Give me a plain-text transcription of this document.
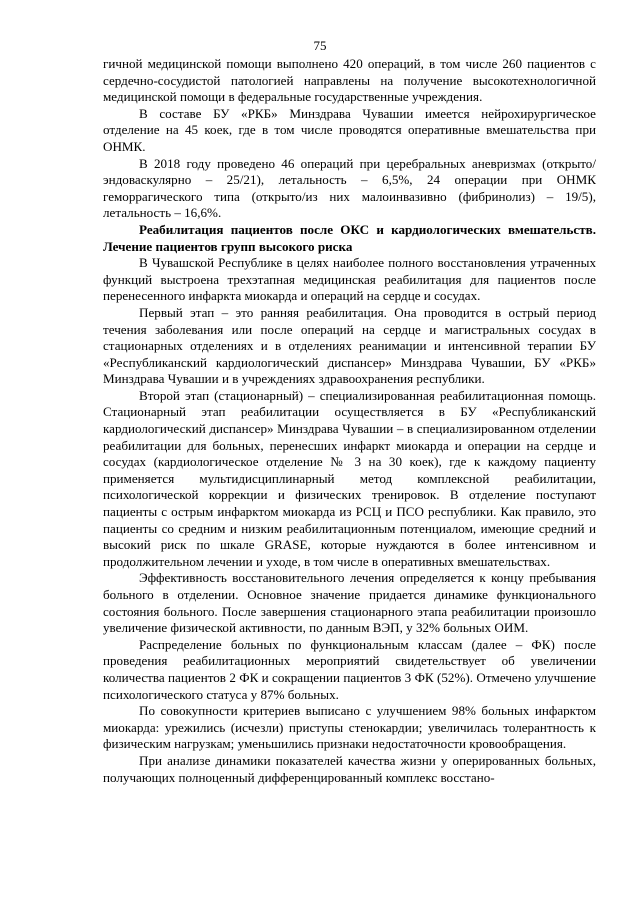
75

гичной медицинской помощи выполнено 420 операций, в том числе 260 пациентов с сердечно-сосудистой патологией направлены на получение высокотехнологичной медицинской помощи в федеральные государственные учреждения.

В составе БУ «РКБ» Минздрава Чувашии имеется нейрохирургическое отделение на 45 коек, где в том числе проводятся оперативные вмешательства при ОНМК.

В 2018 году проведено 46 операций при церебральных аневризмах (открыто/эндоваскулярно – 25/21), летальность – 6,5%, 24 операции при ОНМК геморрагического типа (открыто/из них малоинвазивно (фибринолиз) – 19/5), летальность – 16,6%.

Реабилитация пациентов после ОКС и кардиологических вмешательств. Лечение пациентов групп высокого риска

В Чувашской Республике в целях наиболее полного восстановления утраченных функций выстроена трехэтапная медицинская реабилитация для пациентов после перенесенного инфаркта миокарда и операций на сердце и сосудах.

Первый этап – это ранняя реабилитация. Она проводится в острый период течения заболевания или после операций на сердце и магистральных сосудах в стационарных отделениях и в отделениях реанимации и интенсивной терапии БУ «Республиканский кардиологический диспансер» Минздрава Чувашии, БУ «РКБ» Минздрава Чувашии и в учреждениях здравоохранения республики.

Второй этап (стационарный) – специализированная реабилитационная помощь. Стационарный этап реабилитации осуществляется в БУ «Республиканский кардиологический диспансер» Минздрава Чувашии – в специализированном отделении реабилитации для больных, перенесших инфаркт миокарда и операции на сердце и сосудах (кардиологическое отделение № 3 на 30 коек), где к каждому пациенту применяется мультидисциплинарный метод комплексной реабилитации, психологической коррекции и физических тренировок. В отделение поступают пациенты с острым инфарктом миокарда из РСЦ и ПСО республики. Как правило, это пациенты со средним и низким реабилитационным потенциалом, имеющие средний и высокий риск по шкале GRASE, которые нуждаются в более интенсивном и продолжительном лечении и уходе, в том числе в оперативных вмешательствах.

Эффективность восстановительного лечения определяется к концу пребывания больного в отделении. Основное значение придается динамике функционального состояния больного. После завершения стационарного этапа реабилитации произошло увеличение физической активности, по данным ВЭП, у 32% больных ОИМ.

Распределение больных по функциональным классам (далее – ФК) после проведения реабилитационных мероприятий свидетельствует об увеличении количества пациентов 2 ФК и сокращении пациентов 3 ФК (52%). Отмечено улучшение психологического статуса у 87% больных.

По совокупности критериев выписано с улучшением 98% больных инфарктом миокарда: урежились (исчезли) приступы стенокардии; увеличилась толерантность к физическим нагрузкам; уменьшились признаки недостаточности кровообращения.

При анализе динамики показателей качества жизни у оперированных больных, получающих полноценный дифференцированный комплекс восстано-
